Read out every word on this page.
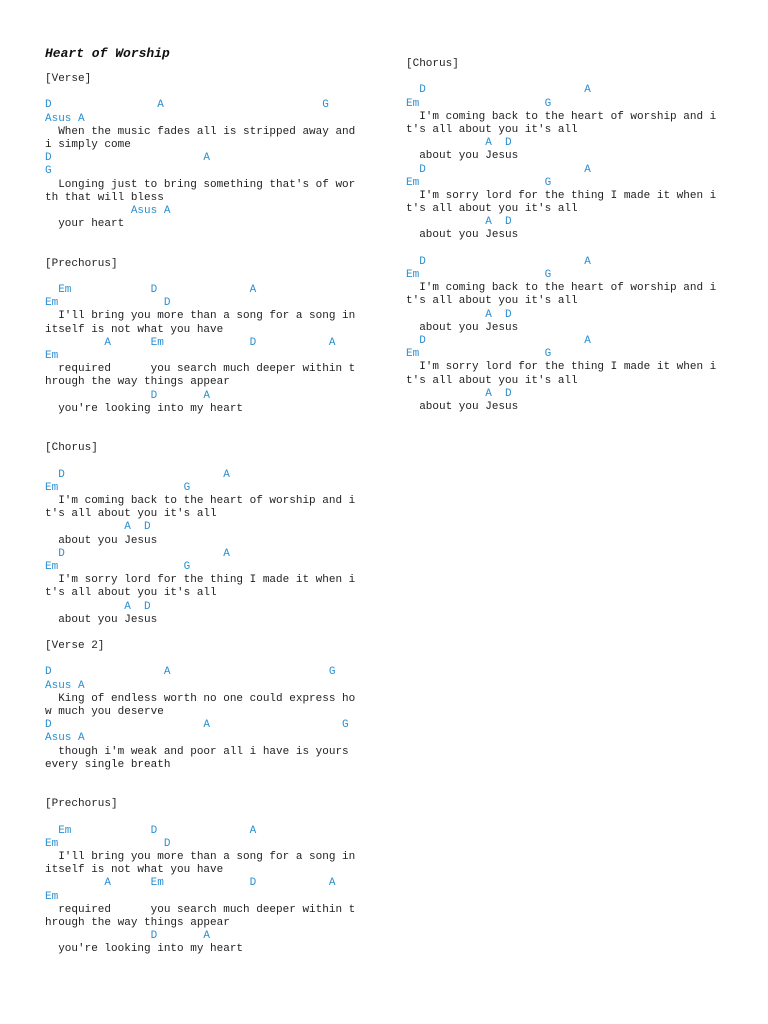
Heart of Worship
[Verse]
D                A                        G
Asus A
When the music fades all is stripped away and
i simply come
D                       A
G
Longing just to bring something that's of wor
th that will bless
Asus A
your heart
[Prechorus]
Em            D              A
Em                D
I'll bring you more than a song for a song in
itself is not what you have
A      Em             D           A
Em
required      you search much deeper within t
hrough the way things appear
D       A
you're looking into my heart
[Chorus]
D                        A
Em                   G
I'm coming back to the heart of worship and i
t's all about you it's all
A  D
about you Jesus
D                        A
Em                   G
I'm sorry lord for the thing I made it when i
t's all about you it's all
A  D
about you Jesus
[Verse 2]
D                 A                        G
Asus A
King of endless worth no one could express ho
w much you deserve
D                       A                    G
Asus A
though i'm weak and poor all i have is yours
every single breath
[Prechorus]
Em            D              A
Em                D
I'll bring you more than a song for a song in
itself is not what you have
A      Em             D           A
Em
required      you search much deeper within t
hrough the way things appear
D       A
you're looking into my heart
[Chorus]
D                        A
Em                   G
I'm coming back to the heart of worship and i
t's all about you it's all
A  D
about you Jesus
D                        A
Em                   G
I'm sorry lord for the thing I made it when i
t's all about you it's all
A  D
about you Jesus
D                        A
Em                   G
I'm coming back to the heart of worship and i
t's all about you it's all
A  D
about you Jesus
D                        A
Em                   G
I'm sorry lord for the thing I made it when i
t's all about you it's all
A  D
about you Jesus
